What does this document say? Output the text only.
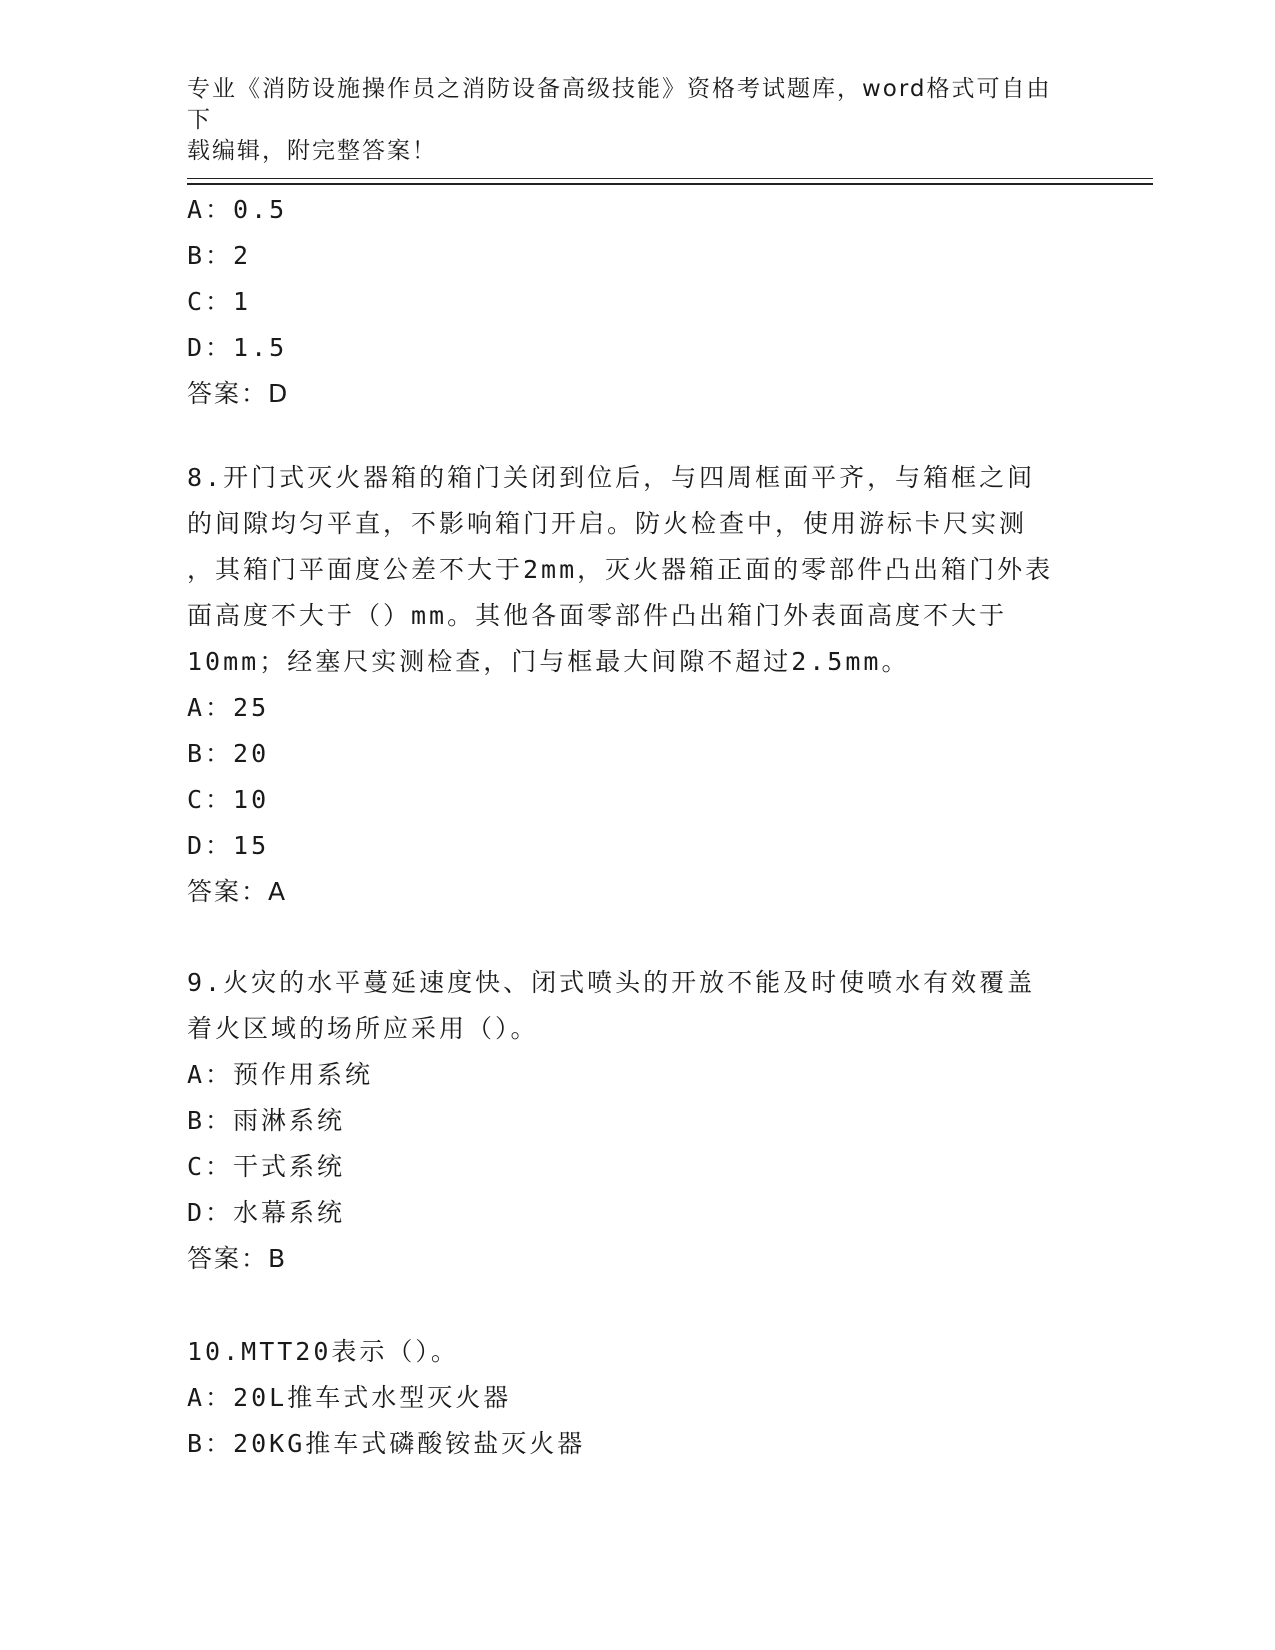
专业《消防设施操作员之消防设备高级技能》资格考试题库，word格式可自由下
载编辑，附完整答案！
A：0.5
B：2
C：1
D：1.5
答案：D
8.开门式灭火器箱的箱门关闭到位后，与四周框面平齐，与箱框之间
的间隙均匀平直，不影响箱门开启。防火检查中，使用游标卡尺实测
，其箱门平面度公差不大于2mm，灭火器箱正面的零部件凸出箱门外表
面高度不大于（）mm。其他各面零部件凸出箱门外表面高度不大于
10mm；经塞尺实测检查，门与框最大间隙不超过2.5mm。
A：25
B：20
C：10
D：15
答案：A
9.火灾的水平蔓延速度快、闭式喷头的开放不能及时使喷水有效覆盖
着火区域的场所应采用（）。
A：预作用系统
B：雨淋系统
C：干式系统
D：水幕系统
答案：B
10.MTT20表示（）。
A：20L推车式水型灭火器
B：20KG推车式磷酸铵盐灭火器
